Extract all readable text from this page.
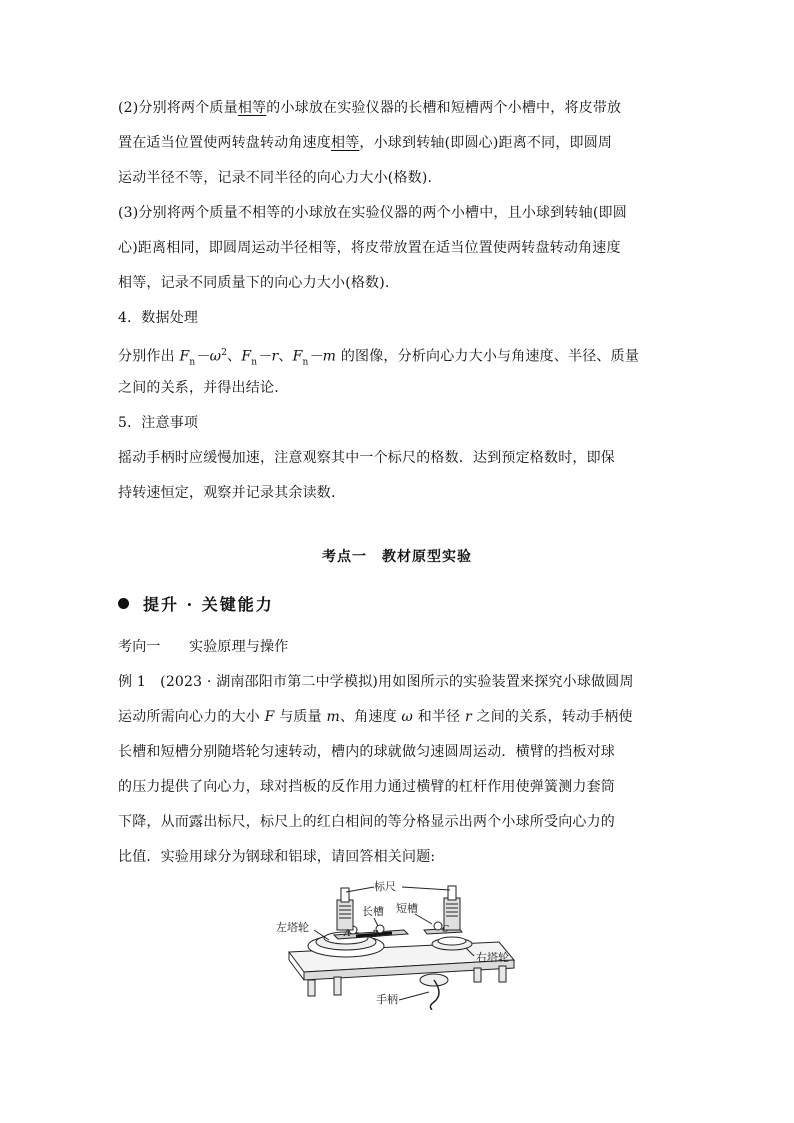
(2)分别将两个质量相等的小球放在实验仪器的长槽和短槽两个小槽中，将皮带放
置在适当位置使两转盘转动角速度相等，小球到转轴(即圆心)距离不同，即圆周
运动半径不等，记录不同半径的向心力大小(格数).
(3)分别将两个质量不相等的小球放在实验仪器的两个小槽中，且小球到转轴(即圆
心)距离相同，即圆周运动半径相等，将皮带放置在适当位置使两转盘转动角速度
相等，记录不同质量下的向心力大小(格数).
4．数据处理
分别作出 $F_n-\omega^2$、$F_n-r$、$F_n-m$ 的图像，分析向心力大小与角速度、半径、质量
之间的关系，并得出结论.
5．注意事项
摇动手柄时应缓慢加速，注意观察其中一个标尺的格数．达到预定格数时，即保
持转速恒定，观察并记录其余读数.
考点一　教材原型实验
提升 · 关键能力
考向一　　实验原理与操作
例 1　(2023 · 湖南邵阳市第二中学模拟)用如图所示的实验装置来探究小球做圆周
运动所需向心力的大小 F 与质量 m、角速度 ω 和半径 r 之间的关系，转动手柄使
长槽和短槽分别随塔轮匀速转动，槽内的球就做匀速圆周运动．横臂的挡板对球
的压力提供了向心力，球对挡板的反作用力通过横臂的杠杆作用使弹簧测力套筒
下降，从而露出标尺，标尺上的红白相间的等分格显示出两个小球所受向心力的
比值．实验用球分为钢球和铝球，请回答相关问题:
标尺
长槽 短槽
左塔轮
右塔轮
手柄
A B	C
